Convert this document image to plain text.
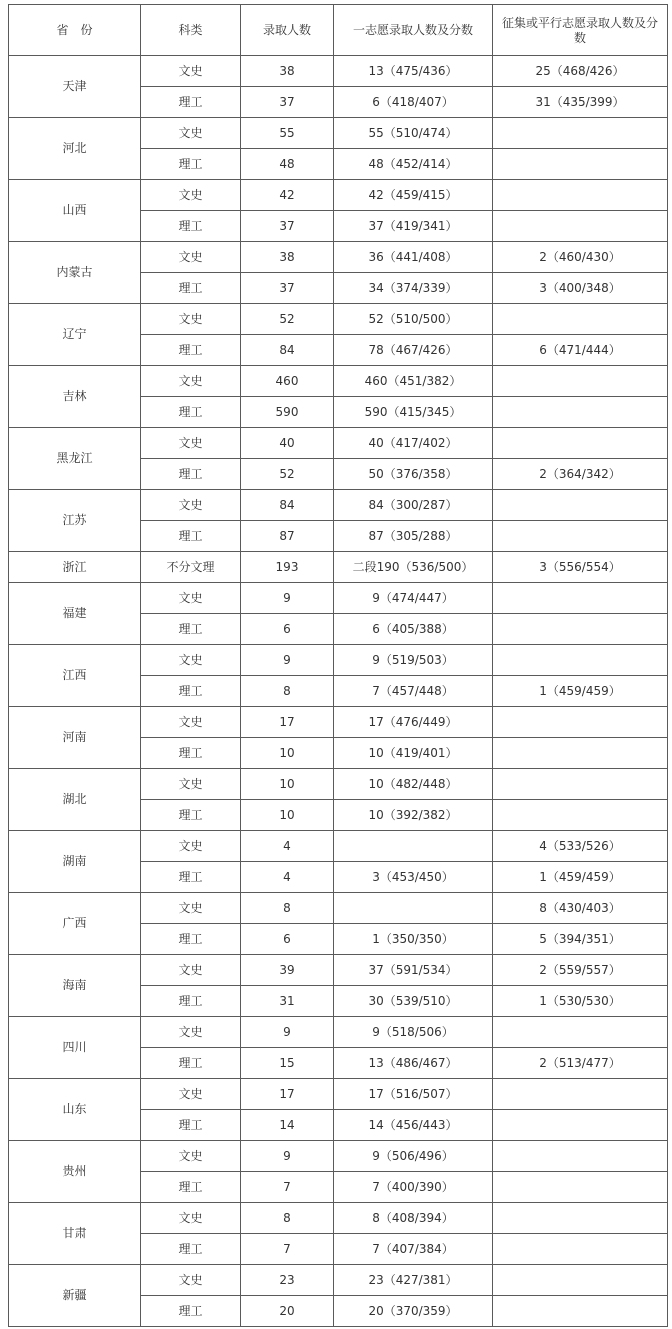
省　份	科类	录取人数	一志愿录取人数及分数	征集或平行志愿录取人数及分数
天津	文史	38	13（475/436）	25（468/426）
	理工	37	6（418/407）	31（435/399）
河北	文史	55	55（510/474）	
	理工	48	48（452/414）	
山西	文史	42	42（459/415）	
	理工	37	37（419/341）	
内蒙古	文史	38	36（441/408）	2（460/430）
	理工	37	34（374/339）	3（400/348）
辽宁	文史	52	52（510/500）	
	理工	84	78（467/426）	6（471/444）
吉林	文史	460	460（451/382）	
	理工	590	590（415/345）	
黑龙江	文史	40	40（417/402）	
	理工	52	50（376/358）	2（364/342）
江苏	文史	84	84（300/287）	
	理工	87	87（305/288）	
浙江	不分文理	193	二段190（536/500）	3（556/554）
福建	文史	9	9（474/447）	
	理工	6	6（405/388）	
江西	文史	9	9（519/503）	
	理工	8	7（457/448）	1（459/459）
河南	文史	17	17（476/449）	
	理工	10	10（419/401）	
湖北	文史	10	10（482/448）	
	理工	10	10（392/382）	
湖南	文史	4		4（533/526）
	理工	4	3（453/450）	1（459/459）
广西	文史	8		8（430/403）
	理工	6	1（350/350）	5（394/351）
海南	文史	39	37（591/534）	2（559/557）
	理工	31	30（539/510）	1（530/530）
四川	文史	9	9（518/506）	
	理工	15	13（486/467）	2（513/477）
山东	文史	17	17（516/507）	
	理工	14	14（456/443）	
贵州	文史	9	9（506/496）	
	理工	7	7（400/390）	
甘肃	文史	8	8（408/394）	
	理工	7	7（407/384）	
新疆	文史	23	23（427/381）	
	理工	20	20（370/359）	
